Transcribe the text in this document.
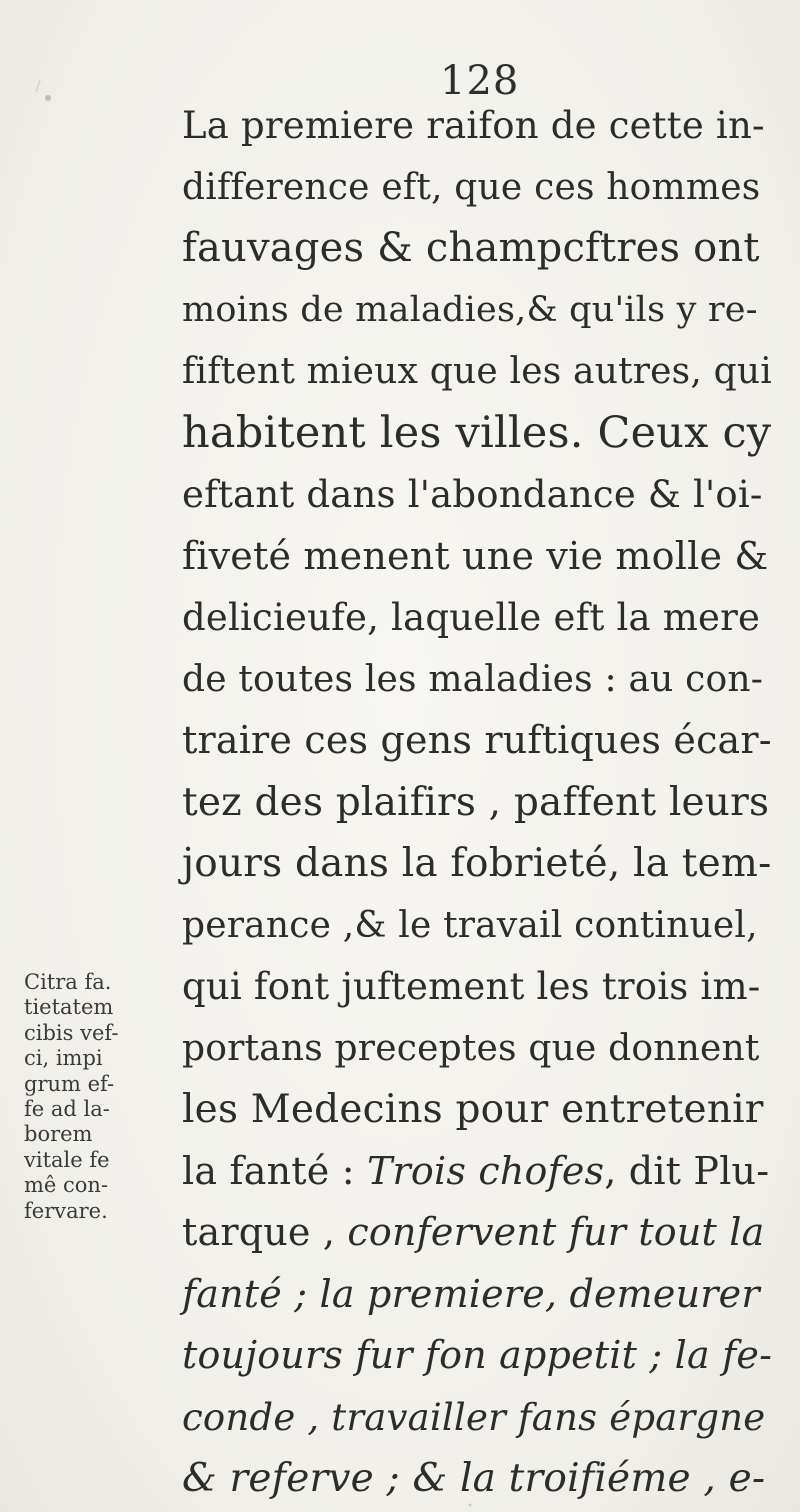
128
La premiere raifon de cette in-
difference eft, que ces hommes
fauvages & champcftres ont
moins de maladies,& qu'ils y re-
fiftent mieux que les autres, qui
habitent les villes. Ceux cy
eftant dans l'abondance & l'oi-
fiveté menent une vie molle &
delicieufe, laquelle eft la mere
de toutes les maladies : au con-
traire ces gens ruftiques écar-
tez des plaifirs , paffent leurs
jours dans la fobrieté, la tem-
perance ,& le travail continuel,
qui font juftement les trois im-
portans preceptes que donnent
les Medecins pour entretenir
la fanté : Trois chofes, dit Plu-
tarque , confervent fur tout la
fanté ; la premiere, demeurer
toujours fur fon appetit ; la fe-
conde , travailler fans épargne
& referve ; & la troifiéme , e-
Citra fa.
tietatem
cibis vef-
ci, impi
grum ef-
fe ad la-
borem
vitale fe
mê con-
fervare.
